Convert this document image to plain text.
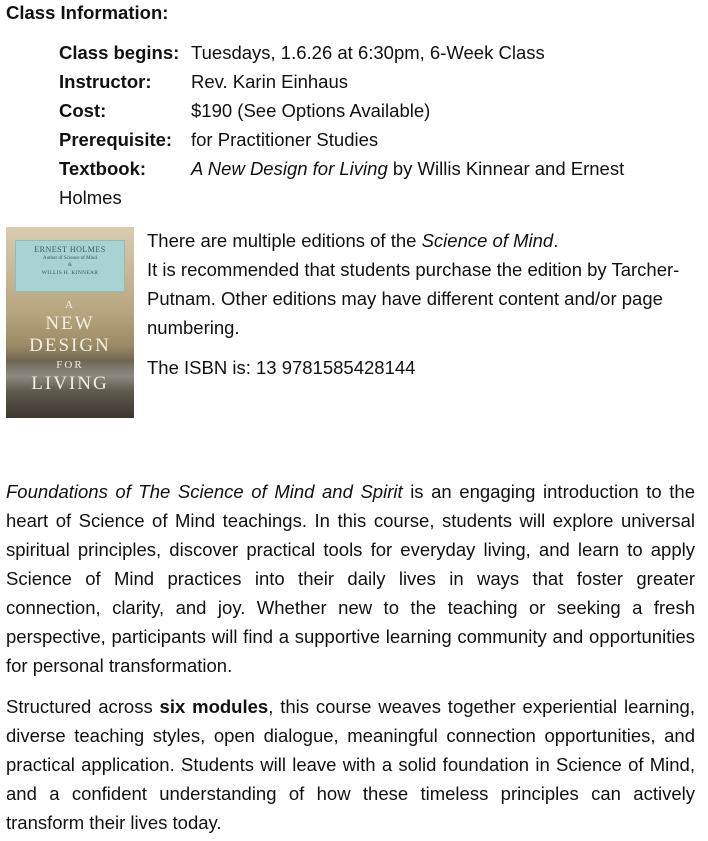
Class Information:
Class begins: Tuesdays, 1.6.26 at 6:30pm, 6-Week Class
Instructor:	Rev. Karin Einhaus
Cost:	$190 (See Options Available)
Prerequisite:	for Practitioner Studies
Textbook: A New Design for Living by Willis Kinnear and Ernest Holmes
ERNEST HOLMES
Author of Science of Mind
&
WILLIS H. KINNEAR
A
NEW
DESIGN
FOR
LIVING

There are multiple editions of the Science of Mind.

It is recommended that students purchase the edition by Tarcher-Putnam. Other editions may have different content and/or page numbering.

The ISBN is: 13 9781585428144

Foundations of The Science of Mind and Spirit is an engaging introduction to the heart of Science of Mind teachings. In this course, students will explore universal spiritual principles, discover practical tools for everyday living, and learn to apply Science of Mind practices into their daily lives in ways that foster greater connection, clarity, and joy. Whether new to the teaching or seeking a fresh perspective, participants will find a supportive learning community and opportunities for personal transformation.

Structured across six modules, this course weaves together experiential learning, diverse teaching styles, open dialogue, meaningful connection opportunities, and practical application. Students will leave with a solid foundation in Science of Mind, and a confident understanding of how these timeless principles can actively transform their lives today.
